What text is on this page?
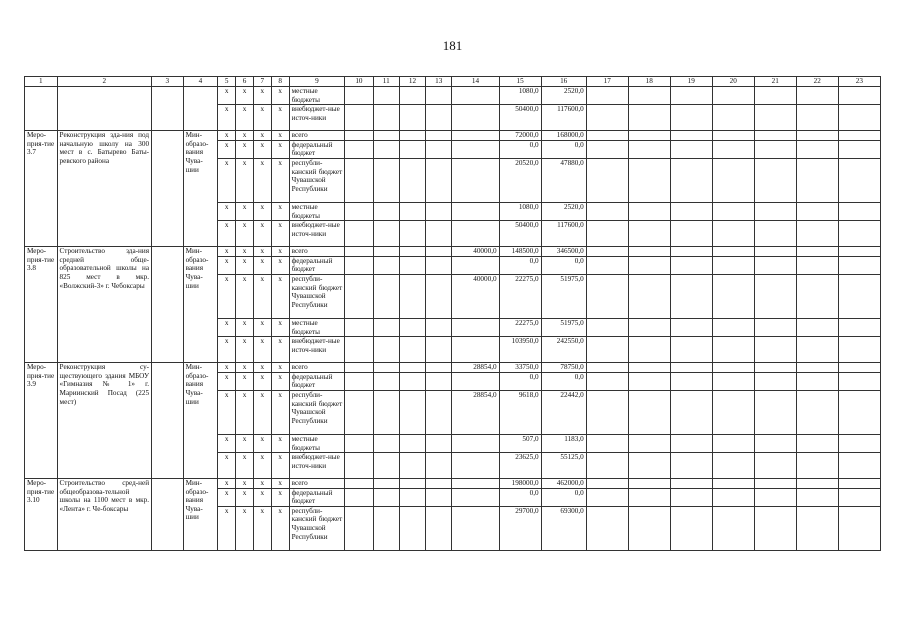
181
1	2	3	4	5	6	7	8	9	10	11	12	13	14	15	16	17	18	19	20	21	22	23
				x	x	x	x	местные бюджеты						1080,0	2520,0							
				x	x	x	x	внебюджет-ные источ-ники						50400,0	117600,0							
Меро-прия-тие 3.7	Реконструкция зда-ния под начальную школу на 300 мест в с. Батырево Баты-ревского района		Мин-образо-вания Чува-шии	x	x	x	x	всего						72000,0	168000,0							
				x	x	x	x	федеральный бюджет						0,0	0,0							
				x	x	x	x	республи-канский бюджет Чувашской Республики						20520,0	47880,0							
				x	x	x	x	местные бюджеты						1080,0	2520,0							
				x	x	x	x	внебюджет-ные источ-ники						50400,0	117600,0							
Меро-прия-тие 3.8	Строительство зда-ния средней обще-образовательной школы на 825 мест в мкр. «Волжский-3» г. Чебоксары		Мин-образо-вания Чува-шии	x	x	x	x	всего					40000,0	148500,0	346500,0							
				x	x	x	x	федеральный бюджет						0,0	0,0							
				x	x	x	x	республи-канский бюджет Чувашской Республики					40000,0	22275,0	51975,0							
				x	x	x	x	местные бюджеты						22275,0	51975,0							
				x	x	x	x	внебюджет-ные источ-ники						103950,0	242550,0							
Меро-прия-тие 3.9	Реконструкция су-ществующего здания МБОУ «Гимназия № 1» г. Мариинский Посад (225 мест)		Мин-образо-вания Чува-шии	x	x	x	x	всего					28854,0	33750,0	78750,0							
				x	x	x	x	федеральный бюджет						0,0	0,0							
				x	x	x	x	республи-канский бюджет Чувашской Республики					28854,0	9618,0	22442,0							
				x	x	x	x	местные бюджеты						507,0	1183,0							
				x	x	x	x	внебюджет-ные источ-ники						23625,0	55125,0							
Меро-прия-тие 3.10	Строительство сред-ней общеобразова-тельной школы на 1100 мест в мкр. «Лента» г. Че-боксары		Мин-образо-вания Чува-шии	x	x	x	x	всего						198000,0	462000,0							
				x	x	x	x	федеральный бюджет						0,0	0,0							
				x	x	x	x	республи-канский бюджет Чувашской Республики						29700,0	69300,0							
